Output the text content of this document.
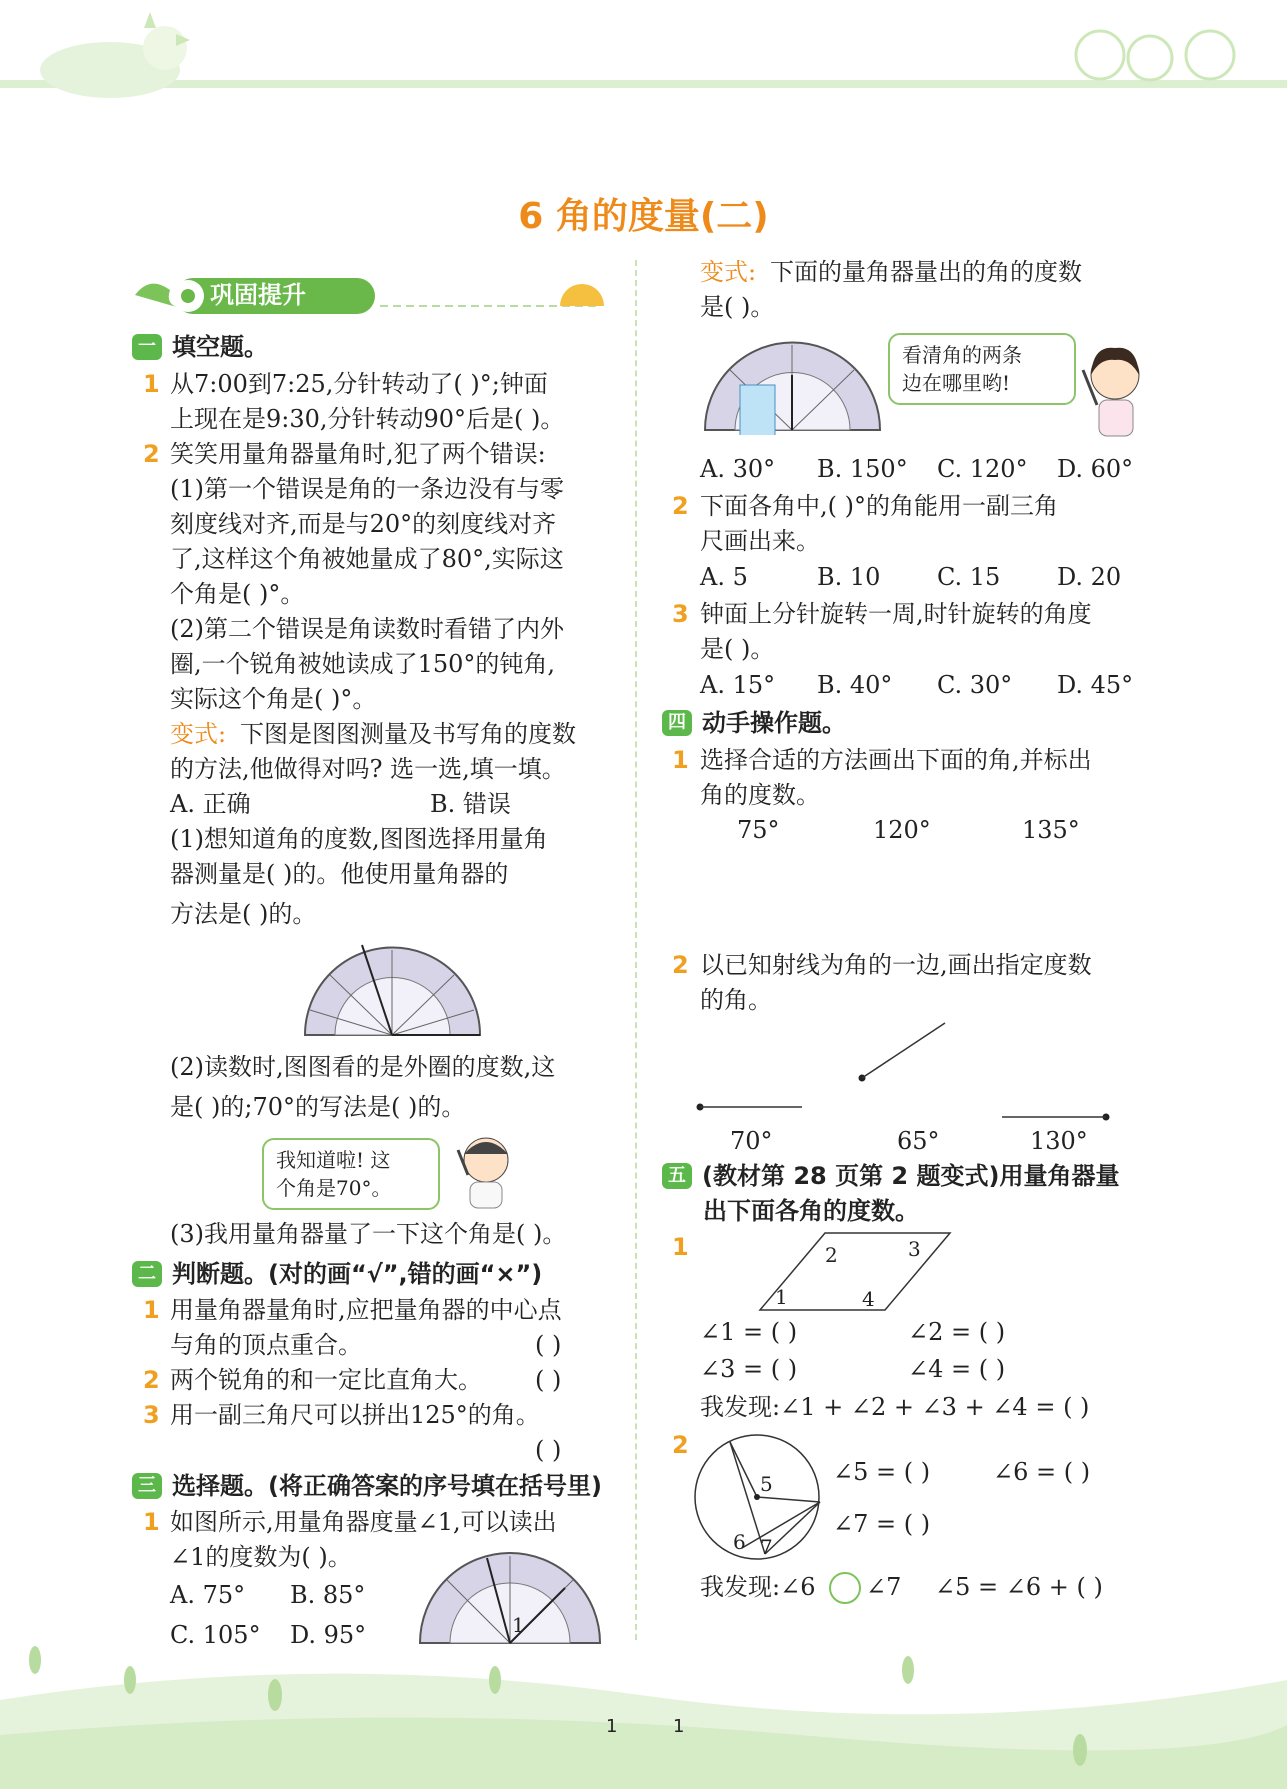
6 角的度量(二)
巩固提升
一 填空题。
1 从7:00到7:25,分针转动了( )°;钟面
上现在是9:30,分针转动90°后是( )。
2 笑笑用量角器量角时,犯了两个错误:
(1)第一个错误是角的一条边没有与零
刻度线对齐,而是与20°的刻度线对齐
了,这样这个角被她量成了80°,实际这
个角是( )°。
(2)第二个错误是角读数时看错了内外
圈,一个锐角被她读成了150°的钝角,
实际这个角是( )°。
变式: 下图是图图测量及书写角的度数
的方法,他做得对吗? 选一选,填一填。
A. 正确	B. 错误
(1)想知道角的度数,图图选择用量角
器测量是( )的。他使用量角器的
方法是( )的。
(2)读数时,图图看的是外圈的度数,这
是( )的;70°的写法是( )的。
我知道啦! 这
个角是70°。
(3)我用量角器量了一下这个角是( )。
二 判断题。(对的画“√”,错的画“×”)
1 用量角器量角时,应把量角器的中心点
与角的顶点重合。	( )
2 两个锐角的和一定比直角大。 ( )
3 用一副三角尺可以拼出125°的角。
( )
三 选择题。(将正确答案的序号填在括号里)
1 如图所示,用量角器度量∠1,可以读出
∠1的度数为( )。
A. 75° B. 85°
C. 105° D. 95°	1
变式: 下面的量角器量出的角的度数
是( )。
看清角的两条
边在哪里哟!
A. 30° B. 150° C. 120° D. 60°
2 下面各角中,( )°的角能用一副三角
尺画出来。
A. 5	B. 10 C. 15 D. 20
3 钟面上分针旋转一周,时针旋转的角度
是( )。
A. 15° B. 40° C. 30° D. 45°
四 动手操作题。
1 选择合适的方法画出下面的角,并标出
角的度数。
75°	120°	135°
2 以已知射线为角的一边,画出指定度数
的角。
70°	65°	130°
五 (教材第 28 页第 2 题变式)用量角器量
出下面各角的度数。
1
1
2	3
4
∠1 = ( )	∠2 = ( )
∠3 = ( )	∠4 = ( )
我发现:∠1 + ∠2 + ∠3 + ∠4 = ( )
2
5
6 7
∠5 = ( )	∠6 = ( )
∠7 = ( )
我发现:∠6 ∠7 ∠5 = ∠6 + ( )
1	1
